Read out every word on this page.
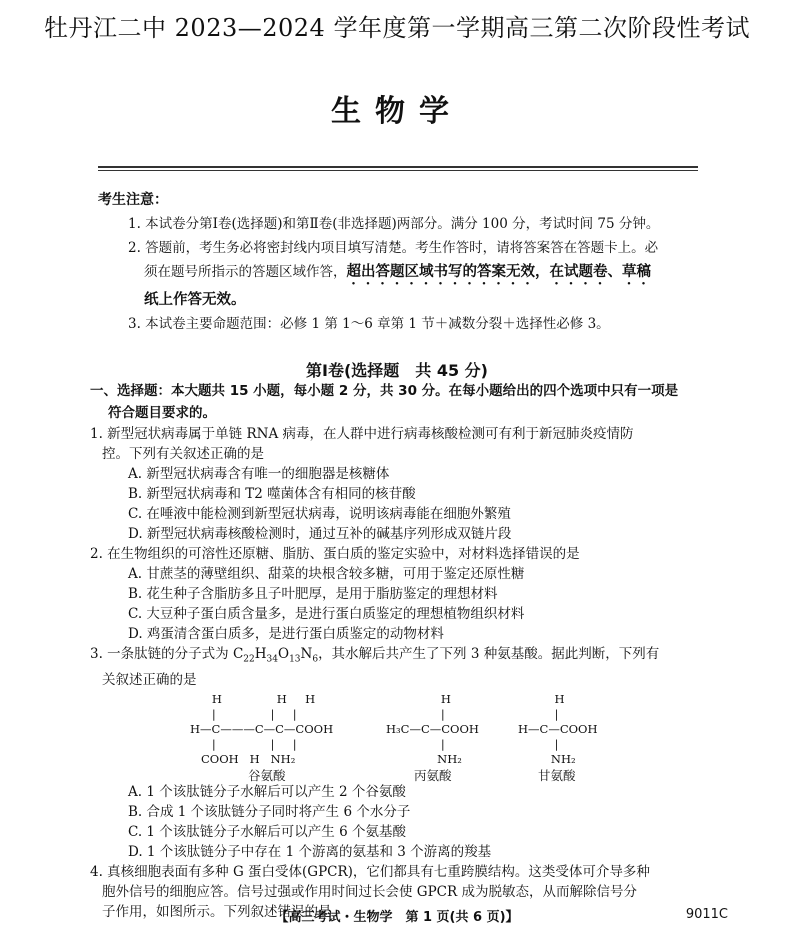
牡丹江二中 2023—2024 学年度第一学期高三第二次阶段性考试
生物学
考生注意：
1. 本试卷分第Ⅰ卷(选择题)和第Ⅱ卷(非选择题)两部分。满分 100 分，考试时间 75 分钟。
2. 答题前，考生务必将密封线内项目填写清楚。考生作答时，请将答案答在答题卡上。必
须在题号所指示的答题区域作答，超出答题区域书写的答案无效，在试题卷、草稿
纸上作答无效。
3. 本试卷主要命题范围：必修 1 第 1～6 章第 1 节＋减数分裂＋选择性必修 3。
第Ⅰ卷(选择题　共 45 分)
一、选择题：本大题共 15 小题，每小题 2 分，共 30 分。在每小题给出的四个选项中只有一项是
符合题目要求的。
1. 新型冠状病毒属于单链 RNA 病毒，在人群中进行病毒核酸检测可有利于新冠肺炎疫情防
控。下列有关叙述正确的是
A. 新型冠状病毒含有唯一的细胞器是核糖体
B. 新型冠状病毒和 T2 噬菌体含有相同的核苷酸
C. 在唾液中能检测到新型冠状病毒，说明该病毒能在细胞外繁殖
D. 新型冠状病毒核酸检测时，通过互补的碱基序列形成双链片段
2. 在生物组织的可溶性还原糖、脂肪、蛋白质的鉴定实验中，对材料选择错误的是
A. 甘蔗茎的薄壁组织、甜菜的块根含较多糖，可用于鉴定还原性糖
B. 花生种子含脂肪多且子叶肥厚，是用于脂肪鉴定的理想材料
C. 大豆种子蛋白质含量多，是进行蛋白质鉴定的理想植物组织材料
D. 鸡蛋清含蛋白质多，是进行蛋白质鉴定的动物材料
3. 一条肽链的分子式为 $C_{22}H_{34}O_{13}N_6$，其水解后共产生了下列 3 种氨基酸。据此判断，下列有
关叙述正确的是
H               H     H
|               |     |
H—C———C—C—COOH
|               |     |
COOH   H   NH₂
谷氨酸
H
|
H₃C—C—COOH
|
NH₂
丙氨酸
H
|
H—C—COOH
|
NH₂
甘氨酸
A. 1 个该肽链分子水解后可以产生 2 个谷氨酸
B. 合成 1 个该肽链分子同时将产生 6 个水分子
C. 1 个该肽链分子水解后可以产生 6 个氨基酸
D. 1 个该肽链分子中存在 1 个游离的氨基和 3 个游离的羧基
4. 真核细胞表面有多种 G 蛋白受体(GPCR)，它们都具有七重跨膜结构。这类受体可介导多种
胞外信号的细胞应答。信号过强或作用时间过长会使 GPCR 成为脱敏态，从而解除信号分
子作用，如图所示。下列叙述错误的是
【高三考试・生物学　第 1 页(共 6 页)】	9011C
